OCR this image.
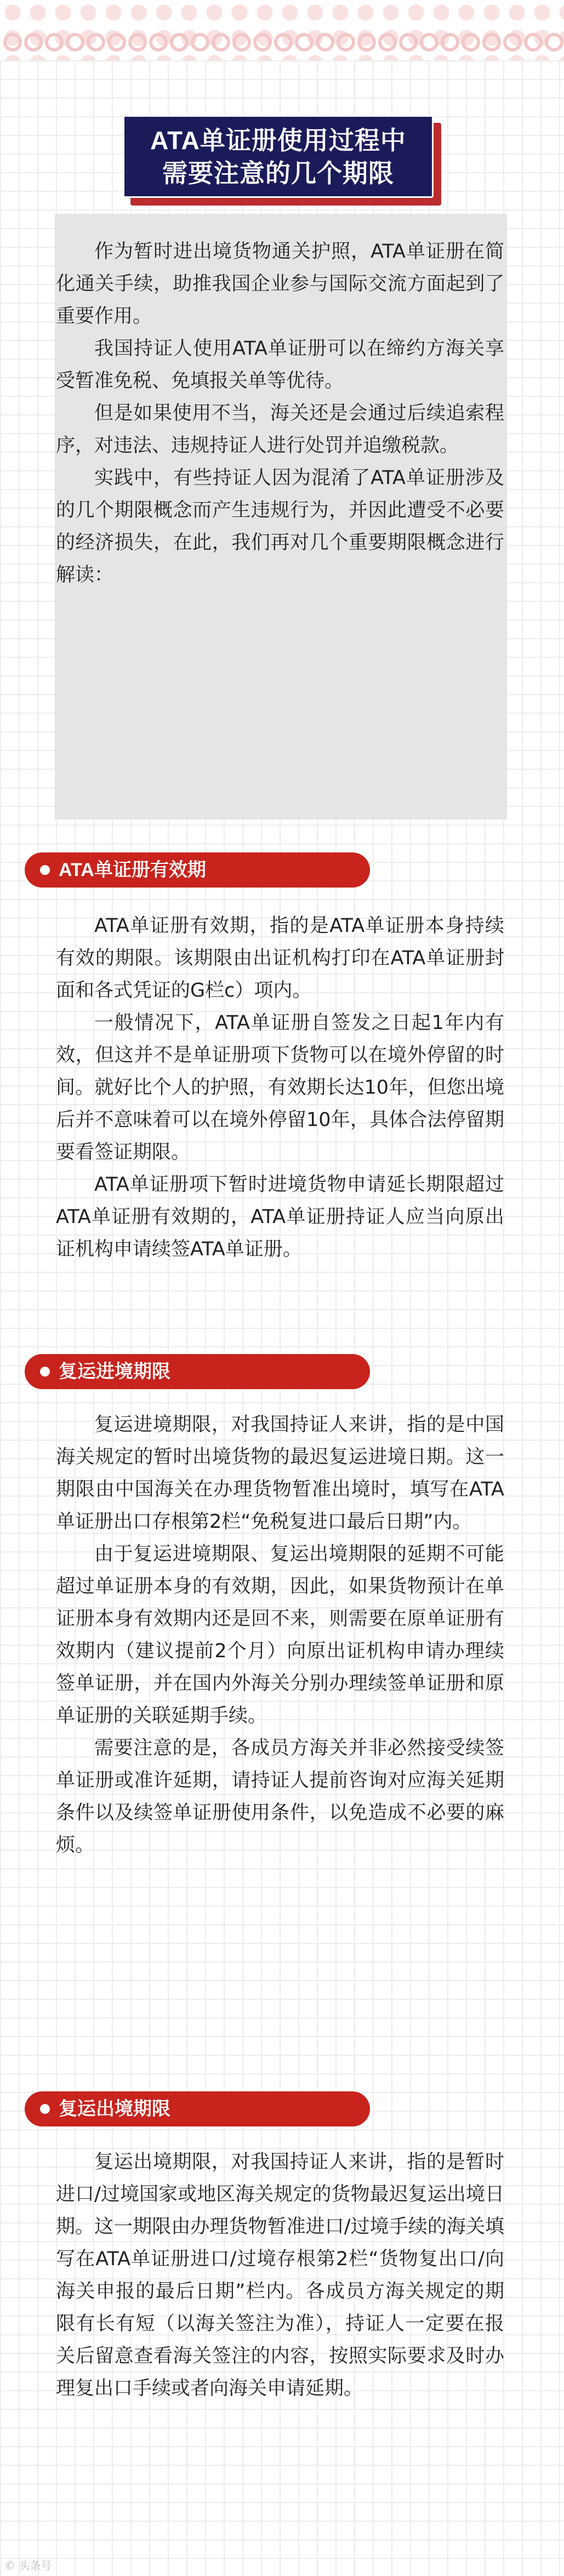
ATA单证册使用过程中
需要注意的几个期限

作为暂时进出境货物通关护照，ATA单证册在简化通关手续，助推我国企业参与国际交流方面起到了重要作用。

我国持证人使用ATA单证册可以在缔约方海关享受暂准免税、免填报关单等优待。

但是如果使用不当，海关还是会通过后续追索程序，对违法、违规持证人进行处罚并追缴税款。

实践中，有些持证人因为混淆了ATA单证册涉及的几个期限概念而产生违规行为，并因此遭受不必要的经济损失，在此，我们再对几个重要期限概念进行解读：

ATA单证册有效期

ATA单证册有效期，指的是ATA单证册本身持续有效的期限。该期限由出证机构打印在ATA单证册封面和各式凭证的G栏c）项内。

一般情况下，ATA单证册自签发之日起1年内有效，但这并不是单证册项下货物可以在境外停留的时间。就好比个人的护照，有效期长达10年，但您出境后并不意味着可以在境外停留10年，具体合法停留期要看签证期限。

ATA单证册项下暂时进境货物申请延长期限超过ATA单证册有效期的，ATA单证册持证人应当向原出证机构申请续签ATA单证册。

复运进境期限

复运进境期限，对我国持证人来讲，指的是中国海关规定的暂时出境货物的最迟复运进境日期。这一期限由中国海关在办理货物暂准出境时，填写在ATA单证册出口存根第2栏“免税复进口最后日期”内。

由于复运进境期限、复运出境期限的延期不可能超过单证册本身的有效期，因此，如果货物预计在单证册本身有效期内还是回不来，则需要在原单证册有效期内（建议提前2个月）向原出证机构申请办理续签单证册，并在国内外海关分别办理续签单证册和原单证册的关联延期手续。

需要注意的是，各成员方海关并非必然接受续签单证册或准许延期，请持证人提前咨询对应海关延期条件以及续签单证册使用条件，以免造成不必要的麻烦。

复运出境期限

复运出境期限，对我国持证人来讲，指的是暂时进口/过境国家或地区海关规定的货物最迟复运出境日期。这一期限由办理货物暂准进口/过境手续的海关填写在ATA单证册进口/过境存根第2栏“货物复出口/向海关申报的最后日期”栏内。各成员方海关规定的期限有长有短（以海关签注为准），持证人一定要在报关后留意查看海关签注的内容，按照实际要求及时办理复出口手续或者向海关申请延期。

© 头条号
